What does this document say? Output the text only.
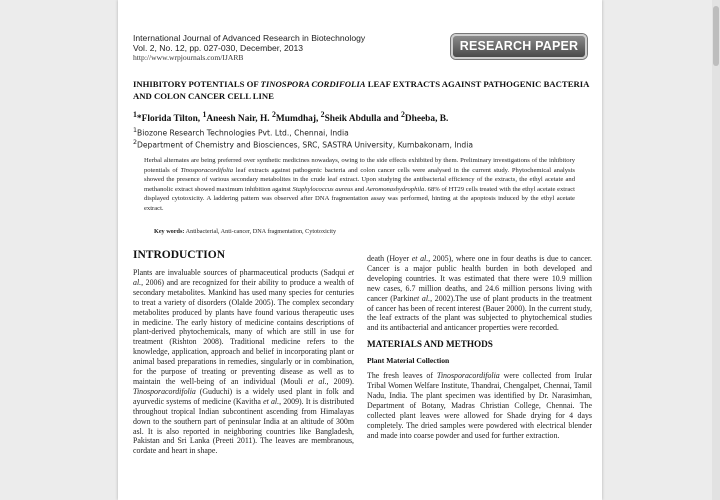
International Journal of Advanced Research in Biotechnology
Vol. 2, No. 12, pp. 027-030, December, 2013
http://www.wrpjournals.com/IJARB
RESEARCH PAPER
INHIBITORY POTENTIALS OF TINOSPORA CORDIFOLIA LEAF EXTRACTS AGAINST PATHOGENIC BACTERIA AND COLON CANCER CELL LINE
$^1$*Florida Tilton, $^1$Aneesh Nair, H. $^2$Mumdhaj, $^2$Sheik Abdulla and $^2$Dheeba, B.
$^1$Biozone Research Technologies Pvt. Ltd., Chennai, India
$^2$Department of Chemistry and Biosciences, SRC, SASTRA University, Kumbakonam, India
Herbal alternates are being preferred over synthetic medicines nowadays, owing to the side effects exhibited by them. Preliminary investigations of the inhibitory potentials of Tinosporacordifolia leaf extracts against pathogenic bacteria and colon cancer cells were analysed in the current study. Phytochemical analysis showed the presence of various secondary metabolites in the crude leaf extract. Upon studying the antibacterial efficiency of the extracts, the ethyl acetate and methanolic extract showed maximum inhibition against Staphylococcus aureus and Aeromonashydrophila. 68% of HT29 cells treated with the ethyl acetate extract displayed cytotoxicity. A laddering pattern was observed after DNA fragmentation assay was performed, hinting at the apoptosis induced by the ethyl acetate extract.
Key words: Antibacterial, Anti-cancer, DNA fragmentation, Cytotoxicity
INTRODUCTION

Plants are invaluable sources of pharmaceutical products (Sadqui et al., 2006) and are recognized for their ability to produce a wealth of secondary metabolites. Mankind has used many species for centuries to treat a variety of disorders (Olalde 2005). The complex secondary metabolites produced by plants have found various therapeutic uses in medicine. The early history of medicine contains descriptions of plant-derived phytochemicals, many of which are still in use for treatment (Rishton 2008). Traditional medicine refers to the knowledge, application, approach and belief in incorporating plant or animal based preparations in remedies, singularly or in combination, for the purpose of treating or preventing disease as well as to maintain the well-being of an individual (Mouli et al., 2009). Tinosporacordifolia (Guduchi) is a widely used plant in folk and ayurvedic systems of medicine (Kavitha et al., 2009). It is distributed throughout tropical Indian subcontinent ascending from Himalayas down to the southern part of peninsular India at an altitude of 300m asl. It is also reported in neighboring countries like Bangladesh, Pakistan and Sri Lanka (Preeti 2011). The leaves are membranous, cordate and heart in shape.

death (Hoyer et al., 2005), where one in four deaths is due to cancer. Cancer is a major public health burden in both developed and developing countries. It was estimated that there were 10.9 million new cases, 6.7 million deaths, and 24.6 million persons living with cancer (Parkinet al., 2002).The use of plant products in the treatment of cancer has been of recent interest (Bauer 2000). In the current study, the leaf extracts of the plant was subjected to phytochemical studies and its antibacterial and anticancer properties were recorded.

MATERIALS AND METHODS
Plant Material Collection

The fresh leaves of Tinosporacordifolia were collected from Irular Tribal Women Welfare Institute, Thandrai, Chengalpet, Chennai, Tamil Nadu, India. The plant specimen was identified by Dr. Narasimhan, Department of Botany, Madras Christian College, Chennai. The collected plant leaves were allowed for Shade drying for 4 days completely. The dried samples were powdered with electrical blender and made into coarse powder and used for further extraction.
